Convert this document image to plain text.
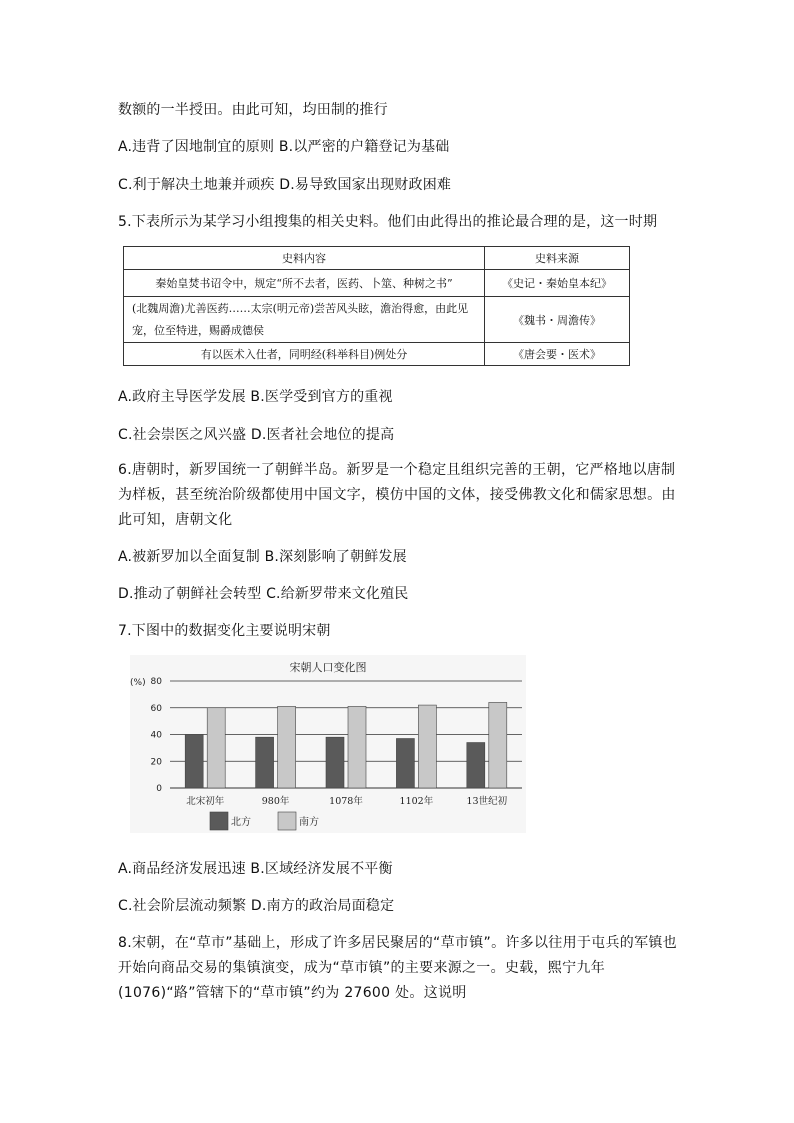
数额的一半授田。由此可知，均田制的推行
A.违背了因地制宜的原则 B.以严密的户籍登记为基础
C.利于解决土地兼并顽疾 D.易导致国家出现财政困难
5.下表所示为某学习小组搜集的相关史料。他们由此得出的推论最合理的是，这一时期
史料内容	史料来源
秦始皇焚书诏令中，规定“所不去者，医药、卜筮、种树之书”	《史记・秦始皇本纪》
(北魏周澹)尤善医药……太宗(明元帝)尝苦风头眩，澹治得愈，由此见宠，位至特进，赐爵成德侯	《魏书・周澹传》
有以医术入仕者，同明经(科举科目)例处分	《唐会要・医术》
A.政府主导医学发展 B.医学受到官方的重视
C.社会崇医之风兴盛 D.医者社会地位的提高
6.唐朝时，新罗国统一了朝鲜半岛。新罗是一个稳定且组织完善的王朝，它严格地以唐制为样板，甚至统治阶级都使用中国文字，模仿中国的文体，接受佛教文化和儒家思想。由此可知，唐朝文化
A.被新罗加以全面复制 B.深刻影响了朝鲜发展
D.推动了朝鲜社会转型 C.给新罗带来文化殖民
7.下图中的数据变化主要说明宋朝
宋朝人口变化图
(%)
0
20
40
60
80
北宋初年	980年	1078年	1102年	13世纪初
北方	南方
A.商品经济发展迅速 B.区域经济发展不平衡
C.社会阶层流动频繁 D.南方的政治局面稳定
8.宋朝，在“草市”基础上，形成了许多居民聚居的“草市镇”。许多以往用于屯兵的军镇也开始向商品交易的集镇演变，成为“草市镇”的主要来源之一。史载，熙宁九年(1076)“路”管辖下的“草市镇”约为 27600 处。这说明
